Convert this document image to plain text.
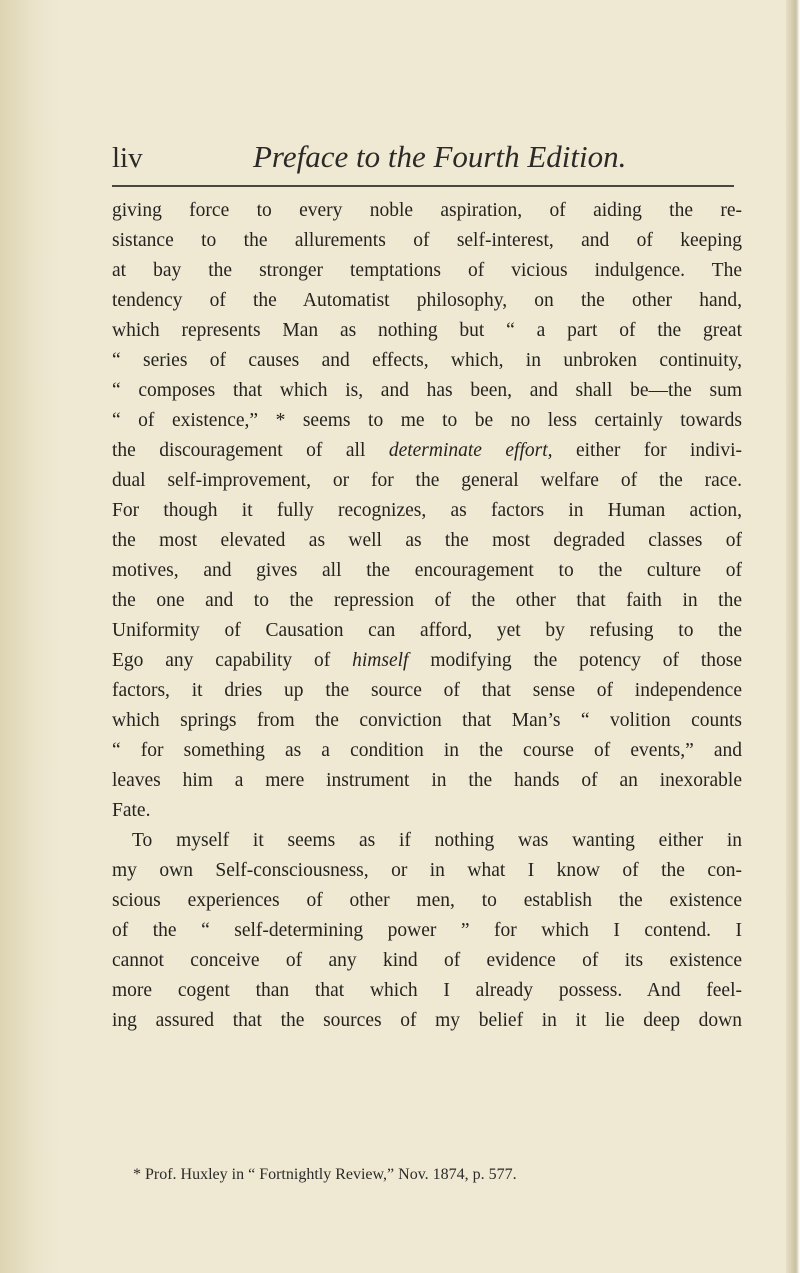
liv	Preface to the Fourth Edition.

giving force to every noble aspiration, of aiding the re-
sistance to the allurements of self-interest, and of keeping
at bay the stronger temptations of vicious indulgence. The
tendency of the Automatist philosophy, on the other hand,
which represents Man as nothing but “ a part of the great
“ series of causes and effects, which, in unbroken continuity,
“ composes that which is, and has been, and shall be—the sum
“ of existence,” * seems to me to be no less certainly towards
the discouragement of all determinate effort, either for indivi-
dual self-improvement, or for the general welfare of the race.
For though it fully recognizes, as factors in Human action,
the most elevated as well as the most degraded classes of
motives, and gives all the encouragement to the culture of
the one and to the repression of the other that faith in the
Uniformity of Causation can afford, yet by refusing to the
Ego any capability of himself modifying the potency of those
factors, it dries up the source of that sense of independence
which springs from the conviction that Man’s “ volition counts
“ for something as a condition in the course of events,” and
leaves him a mere instrument in the hands of an inexorable
Fate.
To myself it seems as if nothing was wanting either in
my own Self-consciousness, or in what I know of the con-
scious experiences of other men, to establish the existence
of the “ self-determining power ” for which I contend. I
cannot conceive of any kind of evidence of its existence
more cogent than that which I already possess. And feel-
ing assured that the sources of my belief in it lie deep down

* Prof. Huxley in “ Fortnightly Review,” Nov. 1874, p. 577.
